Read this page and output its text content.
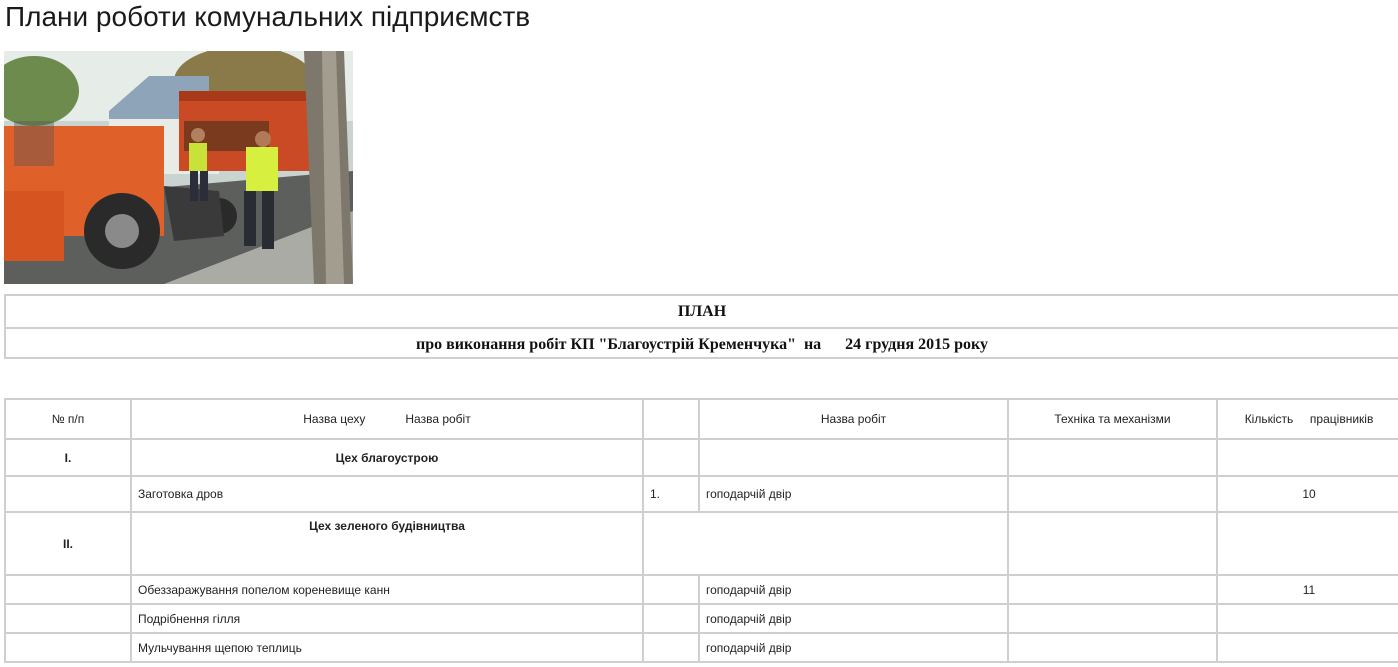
Плани роботи комунальних підприємств
ПЛАН
про виконання робіт КП "Благоустрій Кременчука"  на      24 грудня 2015 року
№ п/п	Назва цеху            Назва робіт		Назва робіт	Техніка та механізми	Кількість     працівників
I.	Цех благоустрою				
	Заготовка дров	1.	гоподарчій двір		10
II.	Цех зеленого будівництва				
	Обеззаражування попелом кореневище канн		гоподарчій двір		11
	Подрібнення гілля		гоподарчій двір		
	Мульчування щепою теплиць		гоподарчій двір		
